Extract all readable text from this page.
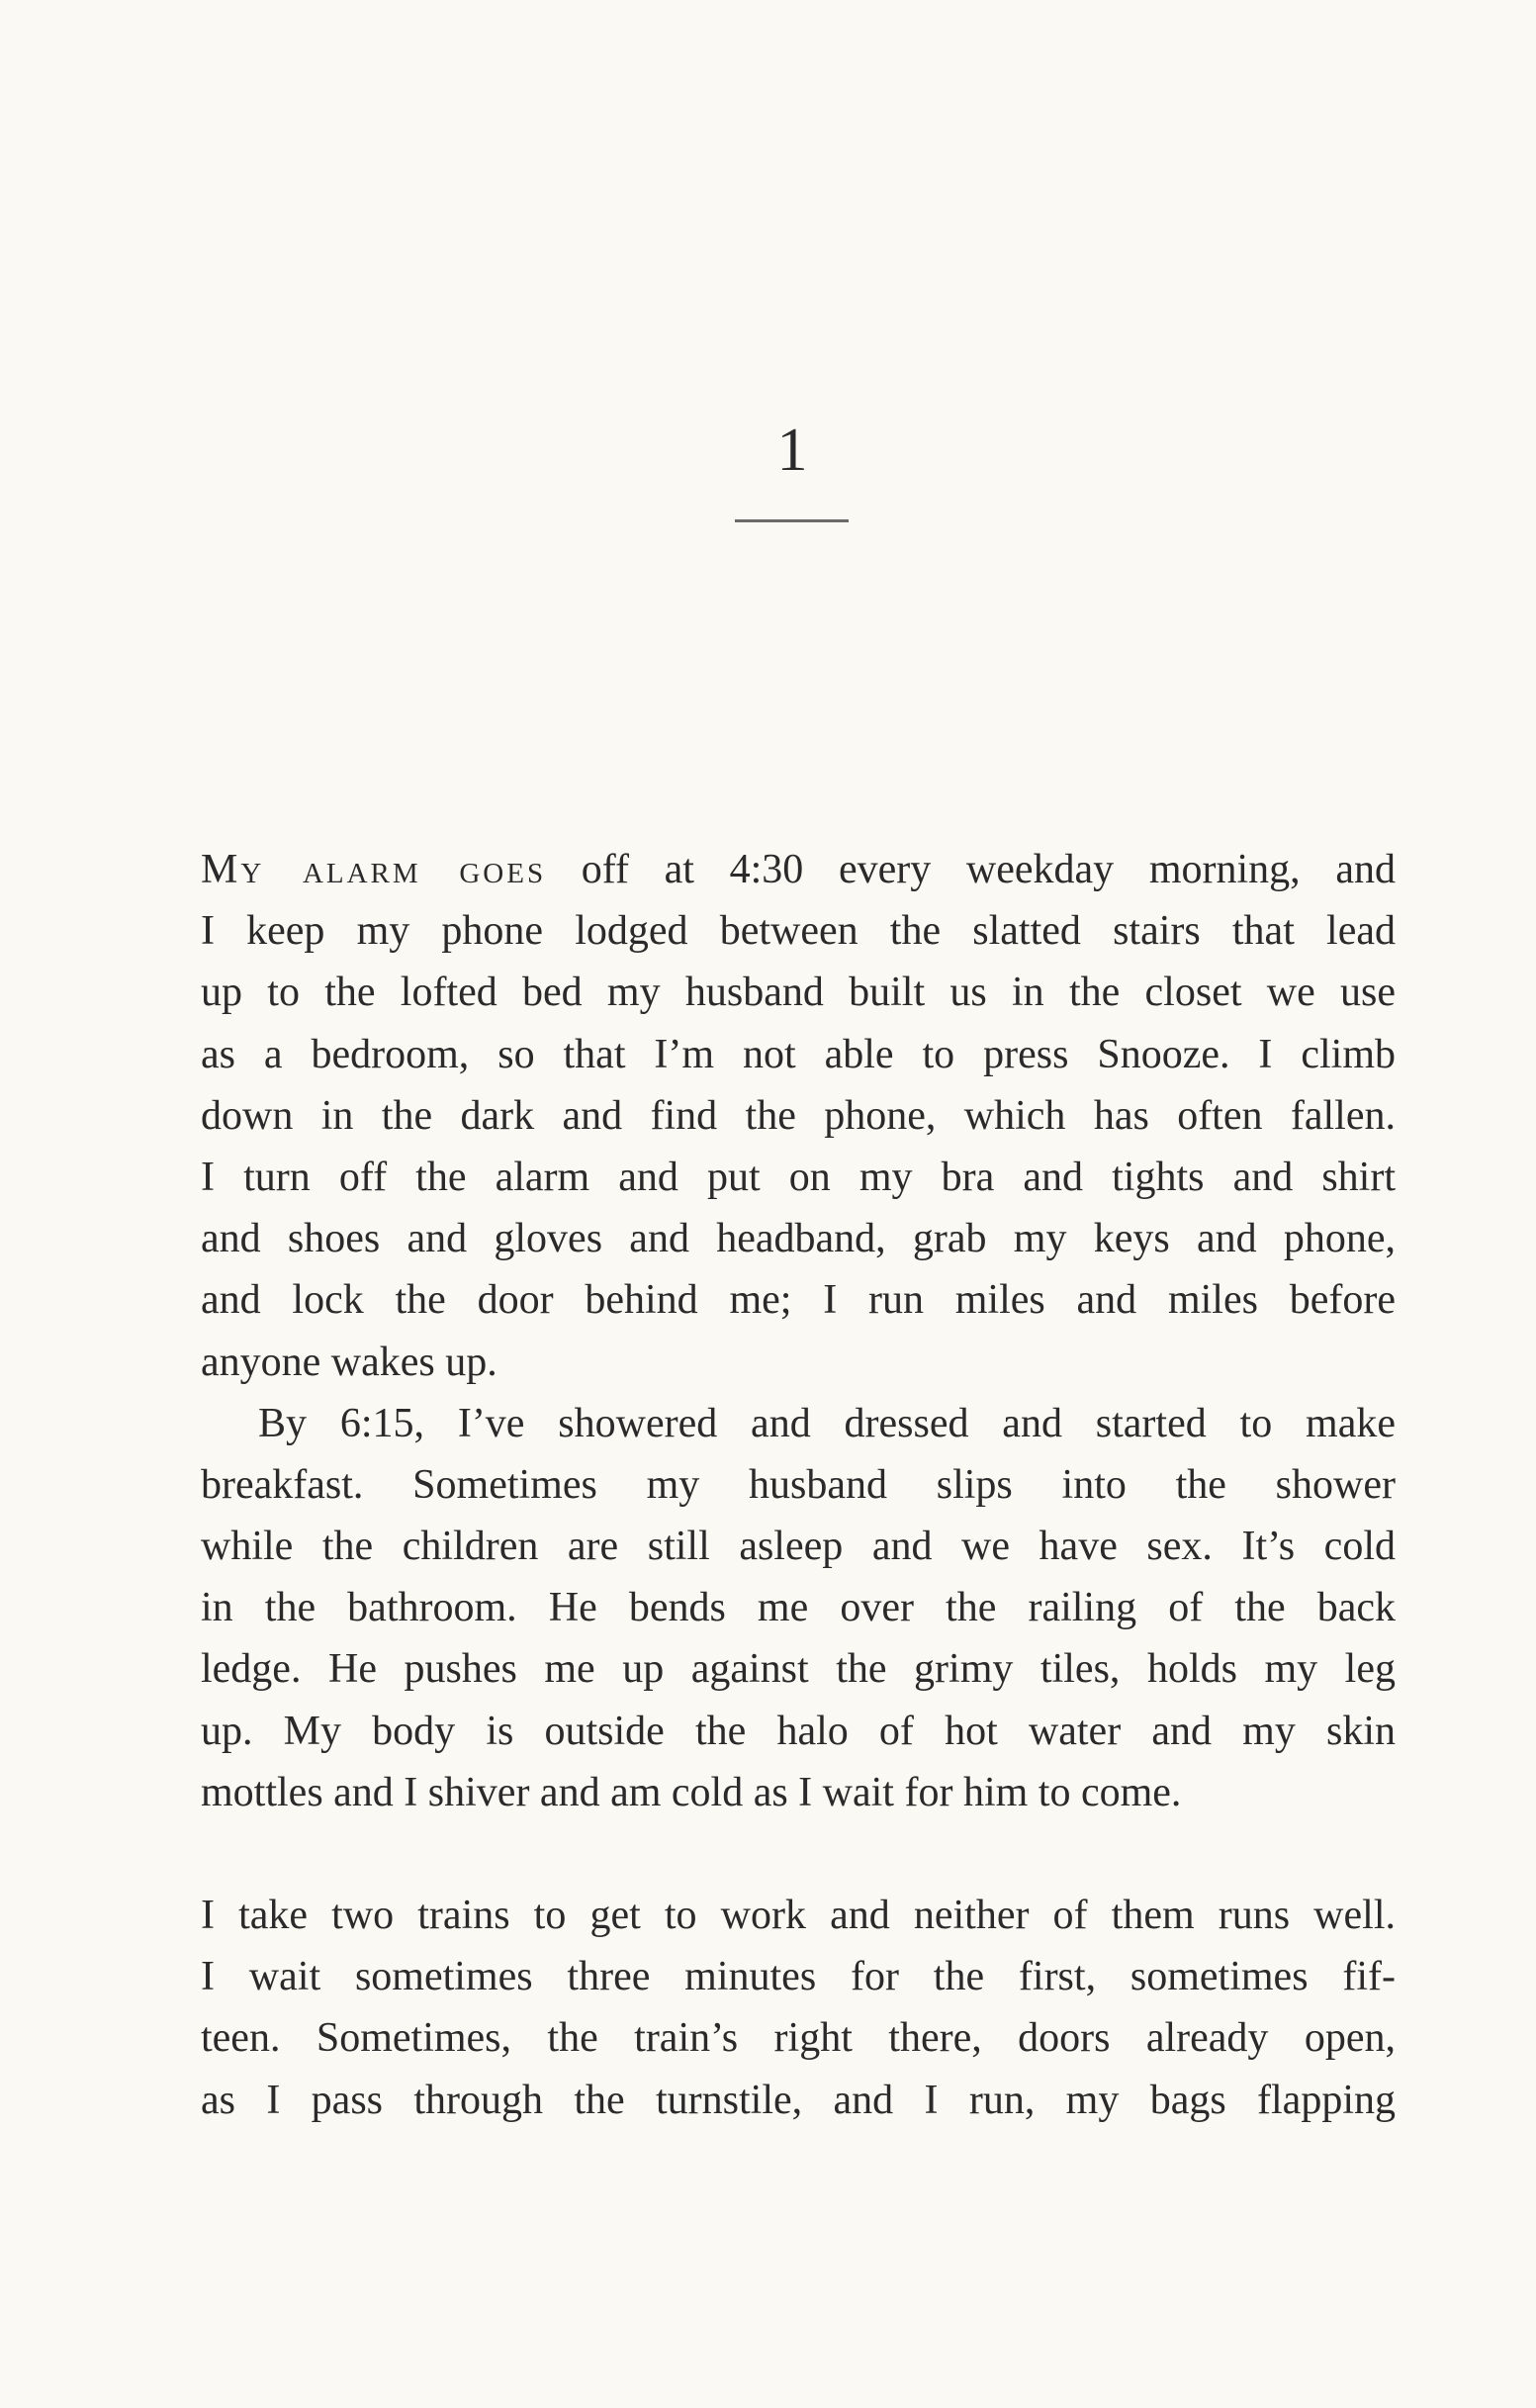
1
My alarm goes off at 4:30 every weekday morning, and
I keep my phone lodged between the slatted stairs that lead
up to the lofted bed my husband built us in the closet we use
as a bedroom, so that I’m not able to press Snooze. I climb
down in the dark and find the phone, which has often fallen.
I turn off the alarm and put on my bra and tights and shirt
and shoes and gloves and headband, grab my keys and phone,
and lock the door behind me; I run miles and miles before
anyone wakes up.
By 6:15, I’ve showered and dressed and started to make
breakfast. Sometimes my husband slips into the shower
while the children are still asleep and we have sex. It’s cold
in the bathroom. He bends me over the railing of the back
ledge. He pushes me up against the grimy tiles, holds my leg
up. My body is outside the halo of hot water and my skin
mottles and I shiver and am cold as I wait for him to come.
I take two trains to get to work and neither of them runs well.
I wait sometimes three minutes for the first, sometimes fif-
teen. Sometimes, the train’s right there, doors already open,
as I pass through the turnstile, and I run, my bags flapping
